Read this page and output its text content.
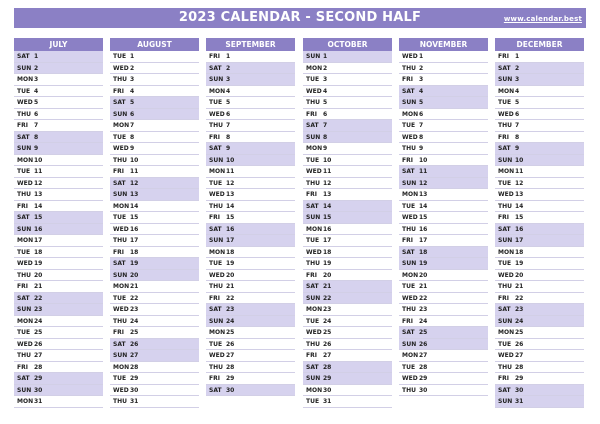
2023 CALENDAR - SECOND HALF	www.calendar.best
JULY
SAT 1
SUN 2
MON 3
TUE 4
WED 5
THU 6
FRI 7
SAT 8
SUN 9
MON 10
TUE 11
WED 12
THU 13
FRI 14
SAT 15
SUN 16
MON 17
TUE 18
WED 19
THU 20
FRI 21
SAT 22
SUN 23
MON 24
TUE 25
WED 26
THU 27
FRI 28
SAT 29
SUN 30
MON 31
AUGUST
TUE 1
WED 2
THU 3
FRI 4
SAT 5
SUN 6
MON 7
TUE 8
WED 9
THU 10
FRI 11
SAT 12
SUN 13
MON 14
TUE 15
WED 16
THU 17
FRI 18
SAT 19
SUN 20
MON 21
TUE 22
WED 23
THU 24
FRI 25
SAT 26
SUN 27
MON 28
TUE 29
WED 30
THU 31
SEPTEMBER
FRI 1
SAT 2
SUN 3
MON 4
TUE 5
WED 6
THU 7
FRI 8
SAT 9
SUN 10
MON 11
TUE 12
WED 13
THU 14
FRI 15
SAT 16
SUN 17
MON 18
TUE 19
WED 20
THU 21
FRI 22
SAT 23
SUN 24
MON 25
TUE 26
WED 27
THU 28
FRI 29
SAT 30
OCTOBER
SUN 1
MON 2
TUE 3
WED 4
THU 5
FRI 6
SAT 7
SUN 8
MON 9
TUE 10
WED 11
THU 12
FRI 13
SAT 14
SUN 15
MON 16
TUE 17
WED 18
THU 19
FRI 20
SAT 21
SUN 22
MON 23
TUE 24
WED 25
THU 26
FRI 27
SAT 28
SUN 29
MON 30
TUE 31
NOVEMBER
WED 1
THU 2
FRI 3
SAT 4
SUN 5
MON 6
TUE 7
WED 8
THU 9
FRI 10
SAT 11
SUN 12
MON 13
TUE 14
WED 15
THU 16
FRI 17
SAT 18
SUN 19
MON 20
TUE 21
WED 22
THU 23
FRI 24
SAT 25
SUN 26
MON 27
TUE 28
WED 29
THU 30
DECEMBER
FRI 1
SAT 2
SUN 3
MON 4
TUE 5
WED 6
THU 7
FRI 8
SAT 9
SUN 10
MON 11
TUE 12
WED 13
THU 14
FRI 15
SAT 16
SUN 17
MON 18
TUE 19
WED 20
THU 21
FRI 22
SAT 23
SUN 24
MON 25
TUE 26
WED 27
THU 28
FRI 29
SAT 30
SUN 31
